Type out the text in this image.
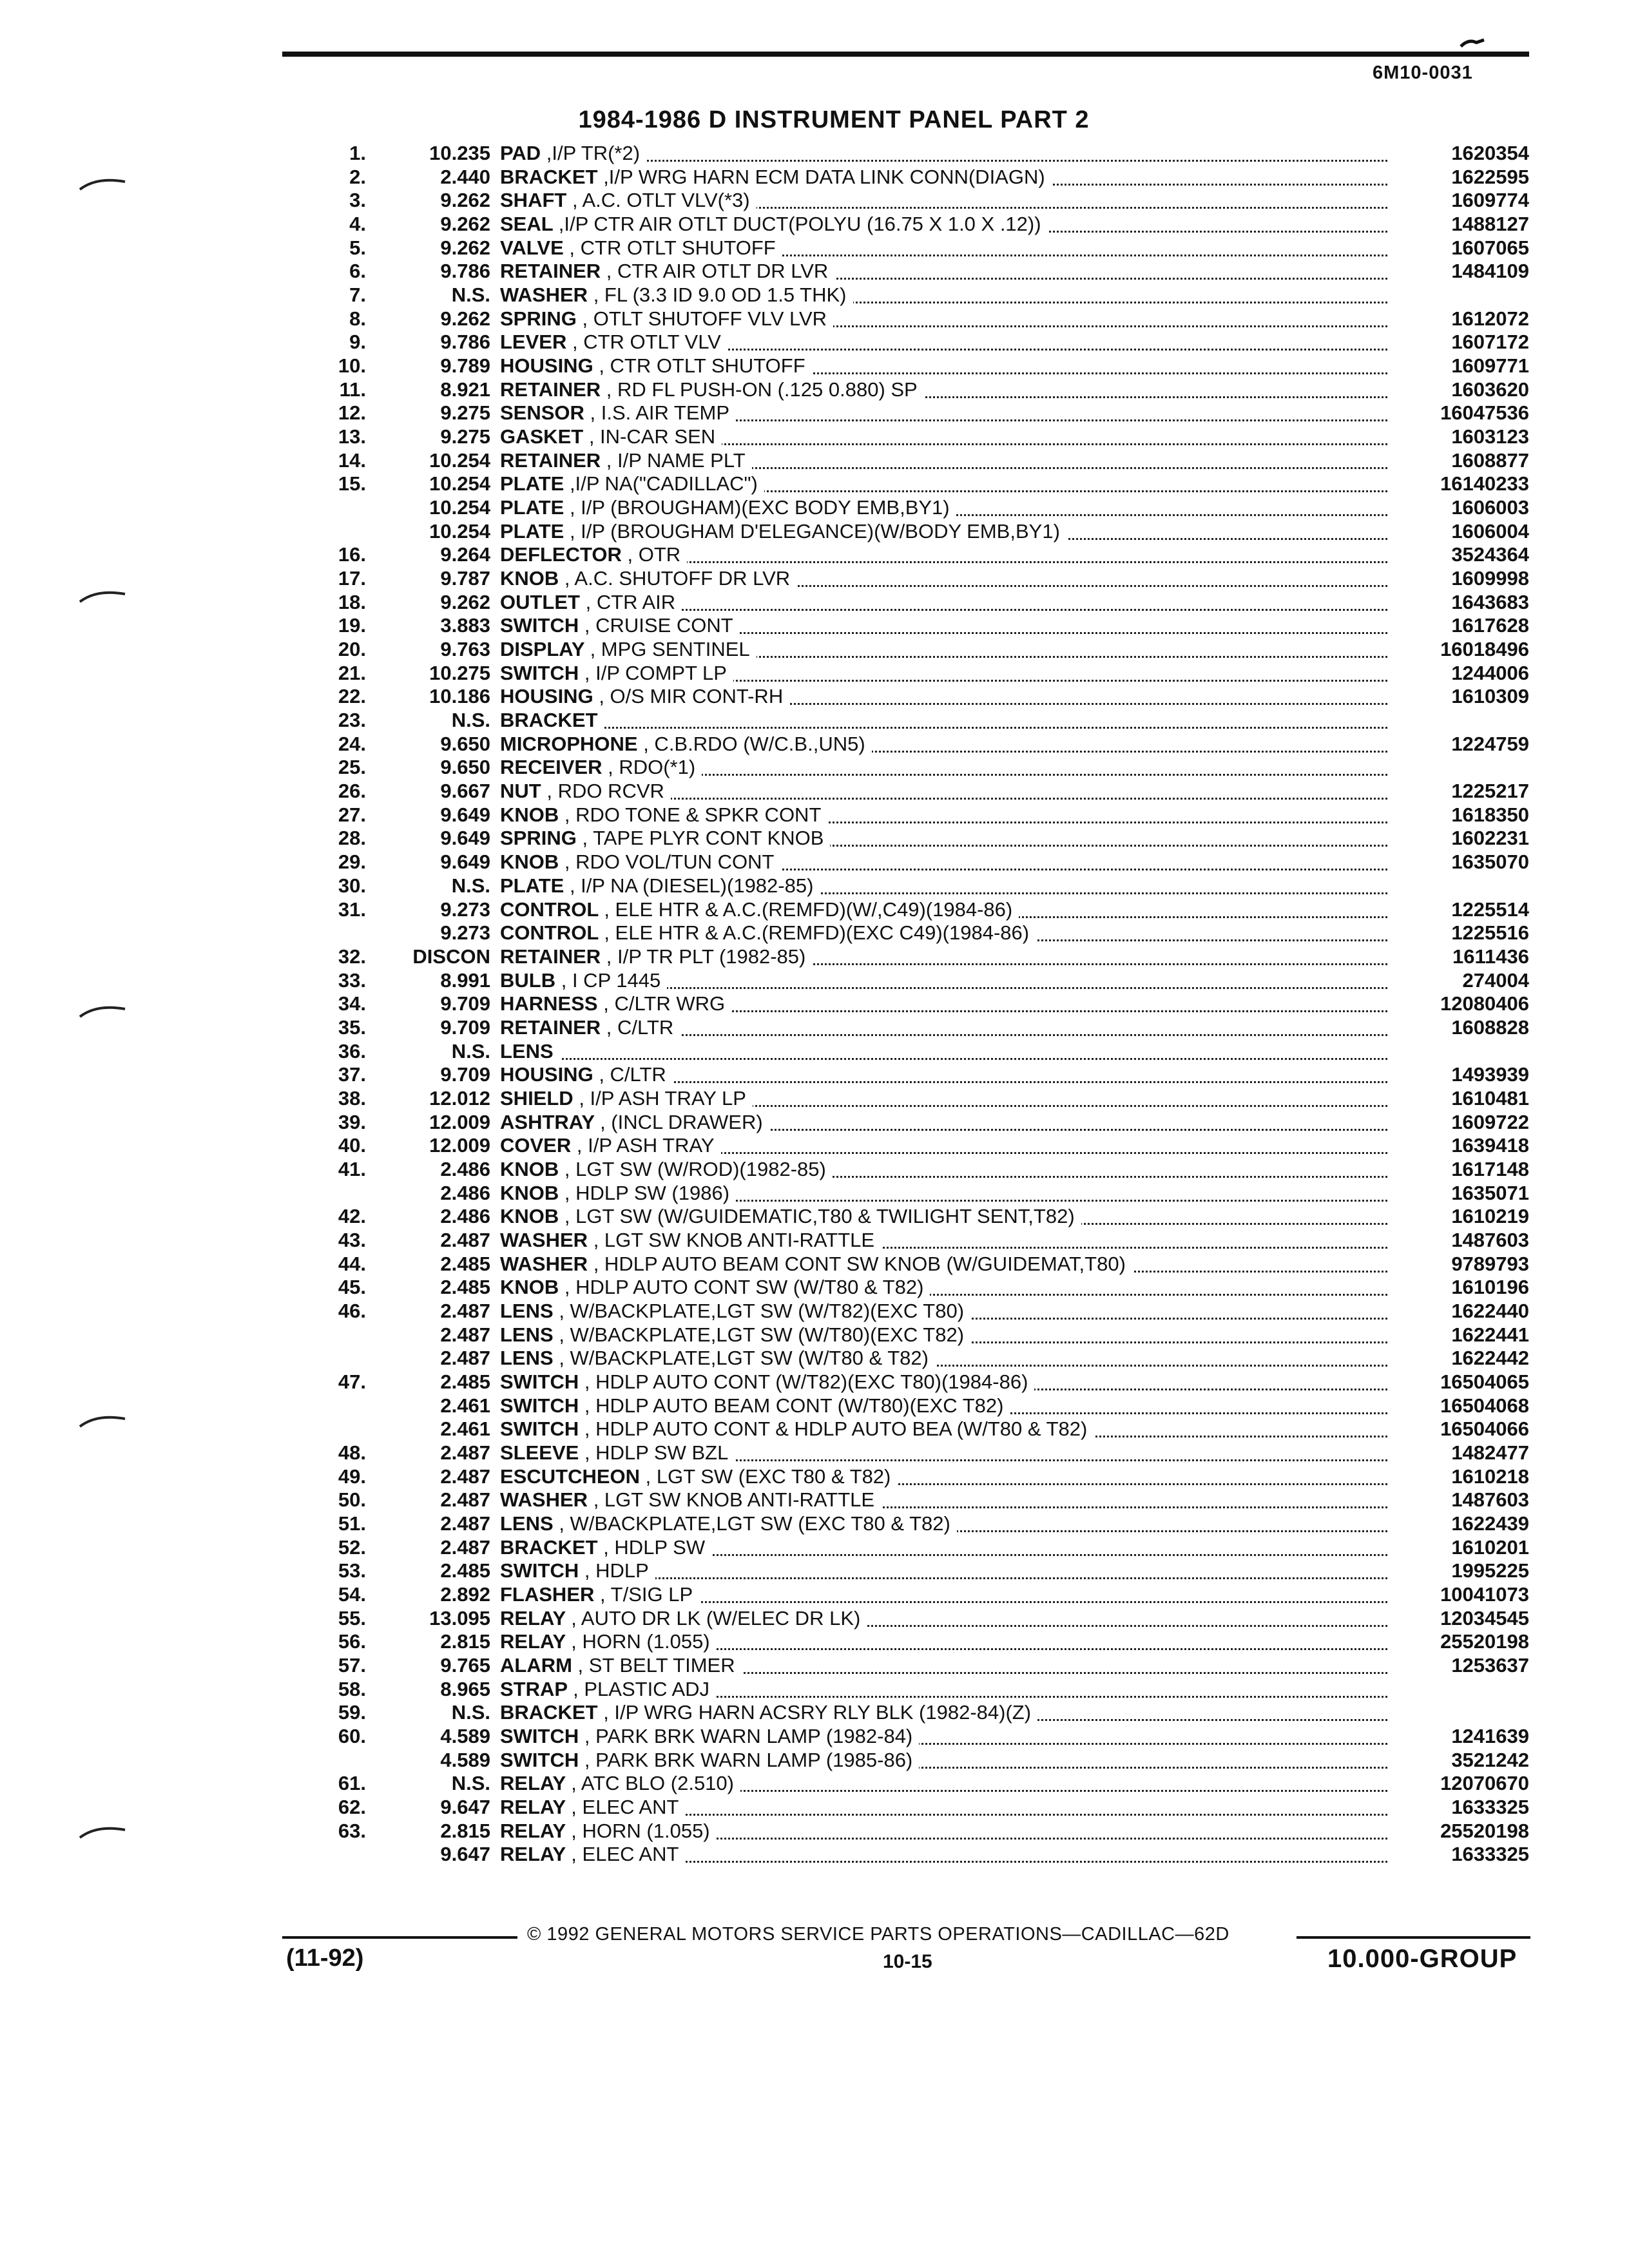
6M10-0031
1984-1986 D INSTRUMENT PANEL PART 2
1.	10.235 PAD ,I/P TR(*2)	1620354
2.	2.440 BRACKET ,I/P WRG HARN ECM DATA LINK CONN(DIAGN)	1622595
3.	9.262 SHAFT , A.C. OTLT VLV(*3)	1609774
4.	9.262 SEAL ,I/P CTR AIR OTLT DUCT(POLYU (16.75 X 1.0 X .12))	1488127
5.	9.262 VALVE , CTR OTLT SHUTOFF	1607065
6.	9.786 RETAINER , CTR AIR OTLT DR LVR	1484109
7.	N.S. WASHER , FL (3.3 ID 9.0 OD 1.5 THK)
8.	9.262 SPRING , OTLT SHUTOFF VLV LVR	1612072
9.	9.786 LEVER , CTR OTLT VLV	1607172
10.	9.789 HOUSING , CTR OTLT SHUTOFF	1609771
11.	8.921 RETAINER , RD FL PUSH-ON (.125 0.880) SP	1603620
12.	9.275 SENSOR , I.S. AIR TEMP	16047536
13.	9.275 GASKET , IN-CAR SEN	1603123
14.	10.254 RETAINER , I/P NAME PLT	1608877
15.	10.254 PLATE ,I/P NA("CADILLAC")	16140233
10.254 PLATE , I/P (BROUGHAM)(EXC BODY EMB,BY1)	1606003
10.254 PLATE , I/P (BROUGHAM D'ELEGANCE)(W/BODY EMB,BY1)	1606004
16.	9.264 DEFLECTOR , OTR	3524364
17.	9.787 KNOB , A.C. SHUTOFF DR LVR	1609998
18.	9.262 OUTLET , CTR AIR	1643683
19.	3.883 SWITCH , CRUISE CONT	1617628
20.	9.763 DISPLAY , MPG SENTINEL	16018496
21.	10.275 SWITCH , I/P COMPT LP	1244006
22.	10.186 HOUSING , O/S MIR CONT-RH	1610309
23.	N.S. BRACKET
24.	9.650 MICROPHONE , C.B.RDO (W/C.B.,UN5)	1224759
25.	9.650 RECEIVER , RDO(*1)
26.	9.667 NUT , RDO RCVR	1225217
27.	9.649 KNOB , RDO TONE & SPKR CONT	1618350
28.	9.649 SPRING , TAPE PLYR CONT KNOB	1602231
29.	9.649 KNOB , RDO VOL/TUN CONT	1635070
30.	N.S. PLATE , I/P NA (DIESEL)(1982-85)
31.	9.273 CONTROL , ELE HTR & A.C.(REMFD)(W/,C49)(1984-86)	1225514
9.273 CONTROL , ELE HTR & A.C.(REMFD)(EXC C49)(1984-86)	1225516
32. DISCON RETAINER , I/P TR PLT (1982-85)	1611436
33.	8.991 BULB , I CP 1445	274004
34.	9.709 HARNESS , C/LTR WRG	12080406
35.	9.709 RETAINER , C/LTR	1608828
36.	N.S. LENS
37.	9.709 HOUSING , C/LTR	1493939
38.	12.012 SHIELD , I/P ASH TRAY LP	1610481
39.	12.009 ASHTRAY , (INCL DRAWER)	1609722
40.	12.009 COVER , I/P ASH TRAY	1639418
41.	2.486 KNOB , LGT SW (W/ROD)(1982-85)	1617148
2.486 KNOB , HDLP SW (1986)	1635071
42.	2.486 KNOB , LGT SW (W/GUIDEMATIC,T80 & TWILIGHT SENT,T82)	1610219
43.	2.487 WASHER , LGT SW KNOB ANTI-RATTLE	1487603
44.	2.485 WASHER , HDLP AUTO BEAM CONT SW KNOB (W/GUIDEMAT,T80)	9789793
45.	2.485 KNOB , HDLP AUTO CONT SW (W/T80 & T82)	1610196
46.	2.487 LENS , W/BACKPLATE,LGT SW (W/T82)(EXC T80)	1622440
2.487 LENS , W/BACKPLATE,LGT SW (W/T80)(EXC T82)	1622441
2.487 LENS , W/BACKPLATE,LGT SW (W/T80 & T82)	1622442
47.	2.485 SWITCH , HDLP AUTO CONT (W/T82)(EXC T80)(1984-86)	16504065
2.461 SWITCH , HDLP AUTO BEAM CONT (W/T80)(EXC T82)	16504068
2.461 SWITCH , HDLP AUTO CONT & HDLP AUTO BEA (W/T80 & T82)	16504066
48.	2.487 SLEEVE , HDLP SW BZL	1482477
49.	2.487 ESCUTCHEON , LGT SW (EXC T80 & T82)	1610218
50.	2.487 WASHER , LGT SW KNOB ANTI-RATTLE	1487603
51.	2.487 LENS , W/BACKPLATE,LGT SW (EXC T80 & T82)	1622439
52.	2.487 BRACKET , HDLP SW	1610201
53.	2.485 SWITCH , HDLP	1995225
54.	2.892 FLASHER , T/SIG LP	10041073
55.	13.095 RELAY , AUTO DR LK (W/ELEC DR LK)	12034545
56.	2.815 RELAY , HORN (1.055)	25520198
57.	9.765 ALARM , ST BELT TIMER	1253637
58.	8.965 STRAP , PLASTIC ADJ
59.	N.S. BRACKET , I/P WRG HARN ACSRY RLY BLK (1982-84)(Z)
60.	4.589 SWITCH , PARK BRK WARN LAMP (1982-84)	1241639
4.589 SWITCH , PARK BRK WARN LAMP (1985-86)	3521242
61.	N.S. RELAY , ATC BLO (2.510)	12070670
62.	9.647 RELAY , ELEC ANT	1633325
63.	2.815 RELAY , HORN (1.055)	25520198
9.647 RELAY , ELEC ANT	1633325
© 1992 GENERAL MOTORS SERVICE PARTS OPERATIONS—CADILLAC—62D
(11-92)	10-15	10.000-GROUP
